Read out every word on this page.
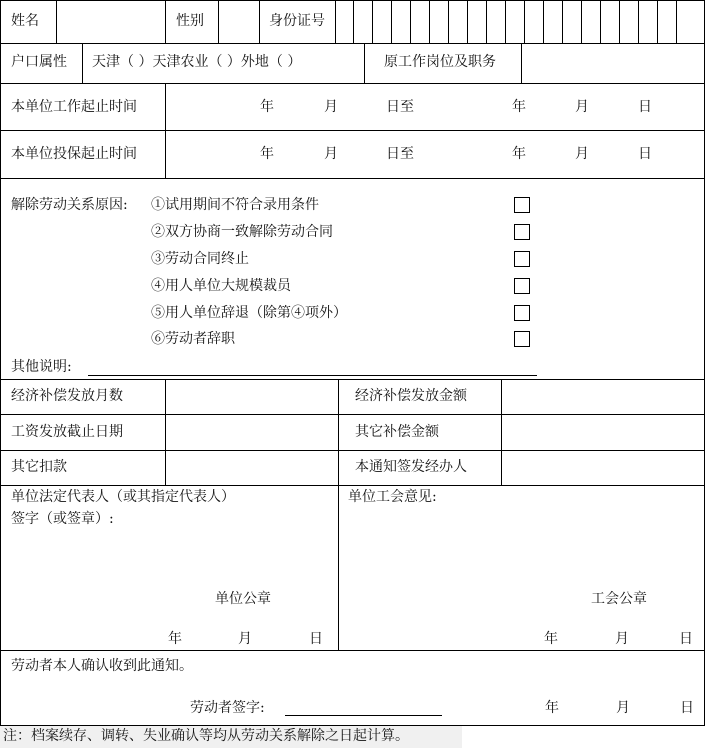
姓名	性别	身份证号
户口属性 天津（ ）天津农业（ ）外地（ ）	原工作岗位及职务
本单位工作起止时间	年	月	日至	年	月	日
本单位投保起止时间	年	月	日至	年	月	日
解除劳动关系原因: ①试用期间不符合录用条件
②双方协商一致解除劳动合同
③劳动合同终止
④用人单位大规模裁员
⑤用人单位辞退（除第④项外）
⑥劳动者辞职
其他说明:
经济补偿发放月数	经济补偿发放金额
工资发放截止日期	其它补偿金额
其它扣款	本通知签发经办人
单位法定代表人（或其指定代表人）
签字（或签章）:
单位公章
年	月	日
单位工会意见:
工会公章
年	月	日
劳动者本人确认收到此通知。
劳动者签字:	年	月	日
注：档案续存、调转、失业确认等均从劳动关系解除之日起计算。
